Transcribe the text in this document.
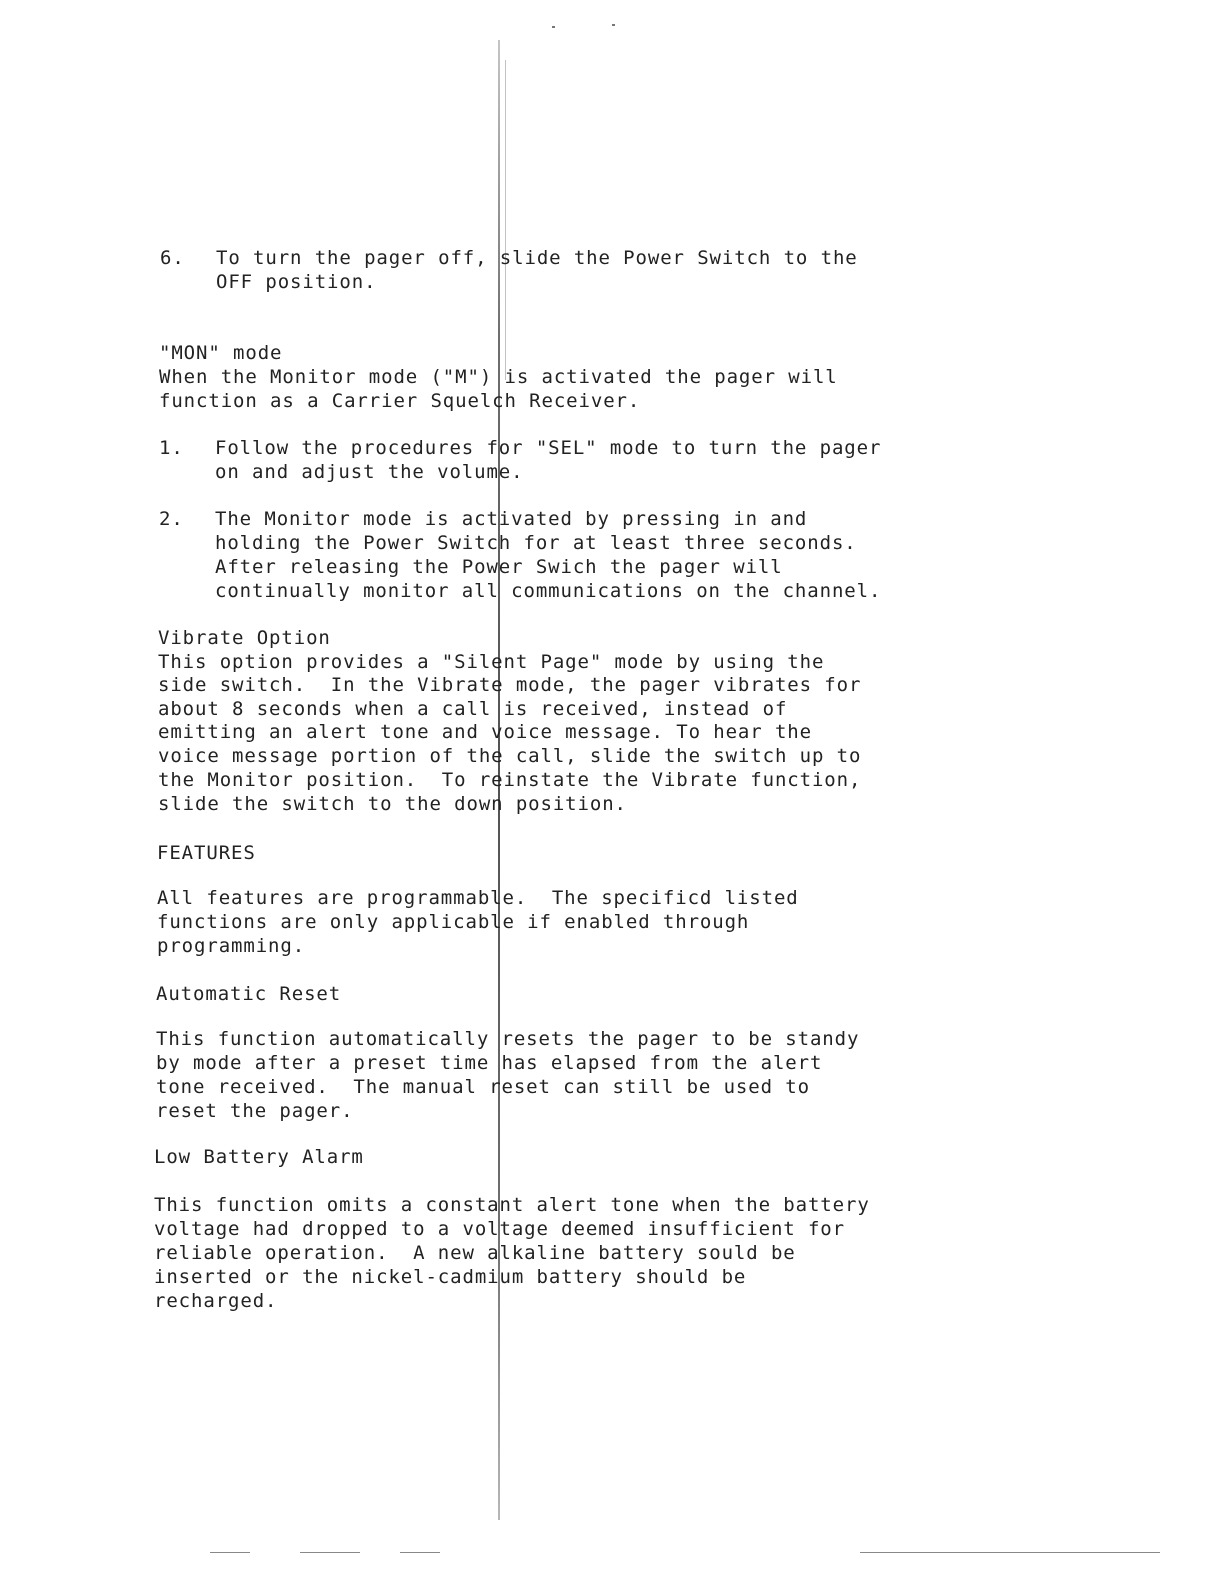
6. To turn the pager off, slide the Power Switch to the
OFF position.
"MON" mode
When the Monitor mode ("M") is activated the pager will
function as a Carrier Squelch Receiver.
1. Follow the procedures for "SEL" mode to turn the pager
on and adjust the volume.
2. The Monitor mode is activated by pressing in and
holding the Power Switch for at least three seconds.
After releasing the Power Swich the pager will
continually monitor all communications on the channel.
Vibrate Option
This option provides a "Silent Page" mode by using the
side switch.  In the Vibrate mode, the pager vibrates for
about 8 seconds when a call is received, instead of
emitting an alert tone and voice message. To hear the
voice message portion of the call, slide the switch up to
the Monitor position.  To reinstate the Vibrate function,
slide the switch to the down position.
FEATURES
All features are programmable.  The specificd listed
functions are only applicable if enabled through
programming.
Automatic Reset
This function automatically resets the pager to be standy
by mode after a preset time has elapsed from the alert
tone received.  The manual reset can still be used to
reset the pager.
Low Battery Alarm
This function omits a constant alert tone when the battery
voltage had dropped to a voltage deemed insufficient for
reliable operation.  A new alkaline battery sould be
inserted or the nickel-cadmium battery should be
recharged.
